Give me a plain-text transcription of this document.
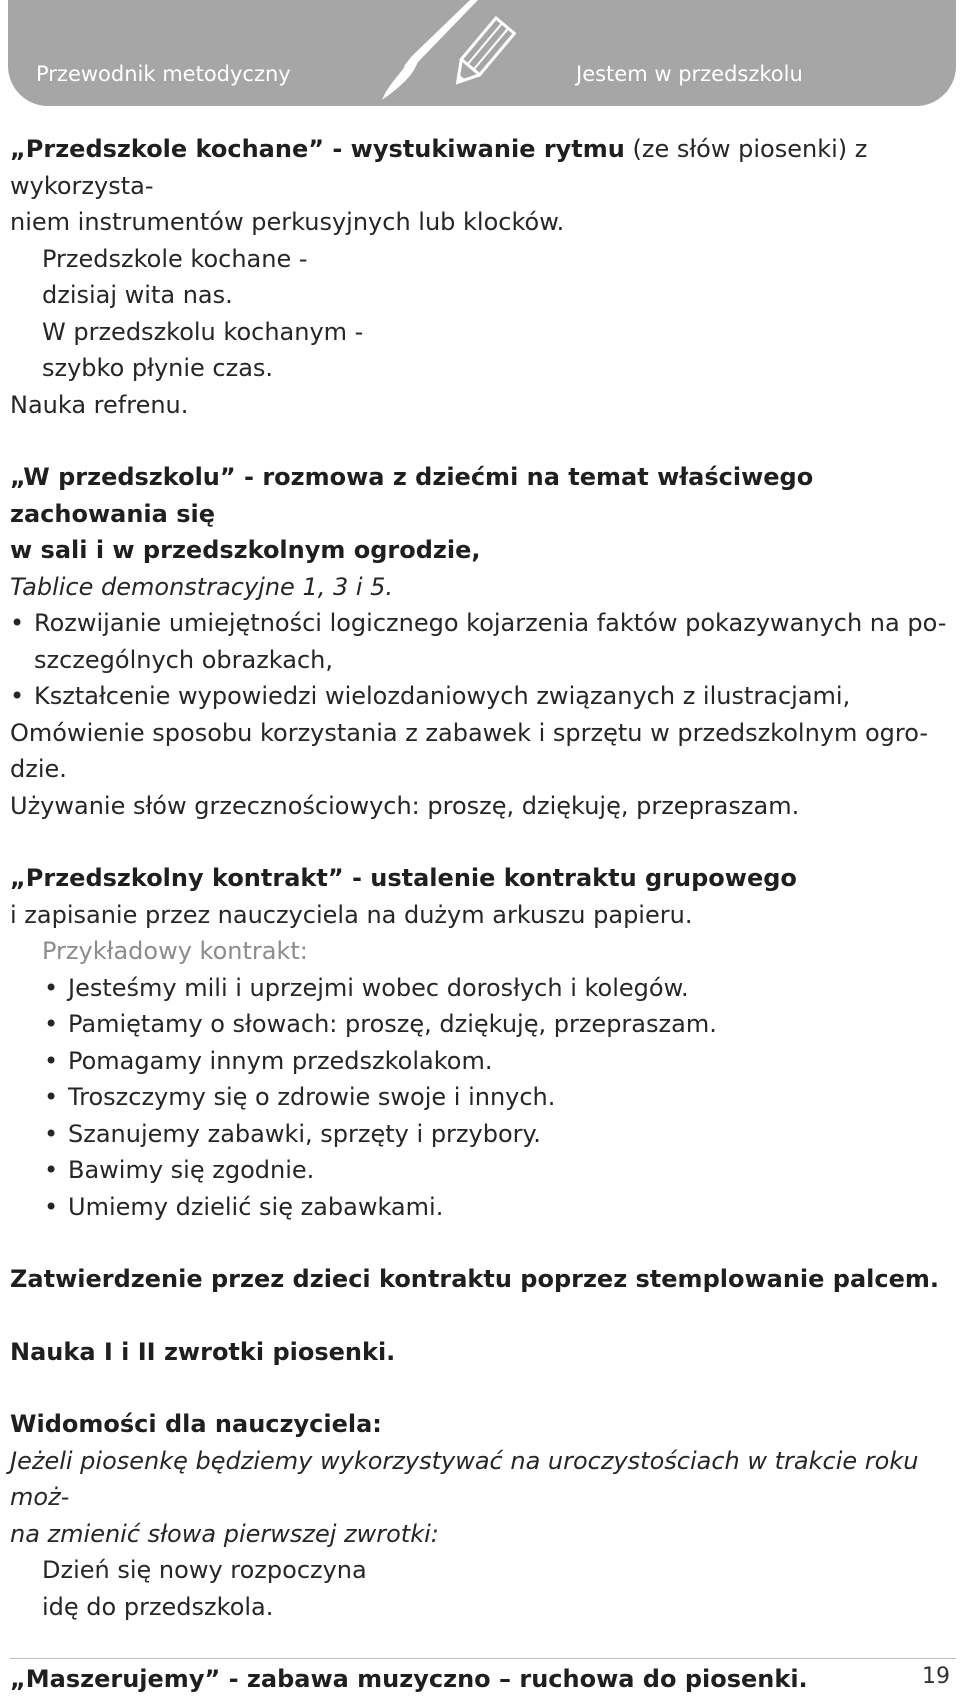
Przewodnik metodyczny	Jestem w przedszkolu

„Przedszkole kochane” - wystukiwanie rytmu (ze słów piosenki) z wykorzysta-

niem instrumentów perkusyjnych lub klocków.

Przedszkole kochane -

dzisiaj wita nas.

W przedszkolu kochanym -

szybko płynie czas.

Nauka refrenu.

„W przedszkolu” - rozmowa z dziećmi na temat właściwego zachowania się

w sali i w przedszkolnym ogrodzie,

Tablice demonstracyjne 1, 3 i 5.

• Rozwijanie umiejętności logicznego kojarzenia faktów pokazywanych na po-

szczególnych obrazkach,

• Kształcenie wypowiedzi wielozdaniowych związanych z ilustracjami,

Omówienie sposobu korzystania z zabawek i sprzętu w przedszkolnym ogro-

dzie.

Używanie słów grzecznościowych: proszę, dziękuję, przepraszam.

„Przedszkolny kontrakt” - ustalenie kontraktu grupowego

i zapisanie przez nauczyciela na dużym arkuszu papieru.

Przykładowy kontrakt:

• Jesteśmy mili i uprzejmi wobec dorosłych i kolegów.

• Pamiętamy o słowach: proszę, dziękuję, przepraszam.

• Pomagamy innym przedszkolakom.

• Troszczymy się o zdrowie swoje i innych.

• Szanujemy zabawki, sprzęty i przybory.

• Bawimy się zgodnie.

• Umiemy dzielić się zabawkami.

Zatwierdzenie przez dzieci kontraktu poprzez stemplowanie palcem.

Nauka I i II zwrotki piosenki.

Widomości dla nauczyciela:

Jeżeli piosenkę będziemy wykorzystywać na uroczystościach w trakcie roku moż-

na zmienić słowa pierwszej zwrotki:

Dzień się nowy rozpoczyna

idę do przedszkola.

„Maszerujemy” - zabawa muzyczno – ruchowa do piosenki.	19
